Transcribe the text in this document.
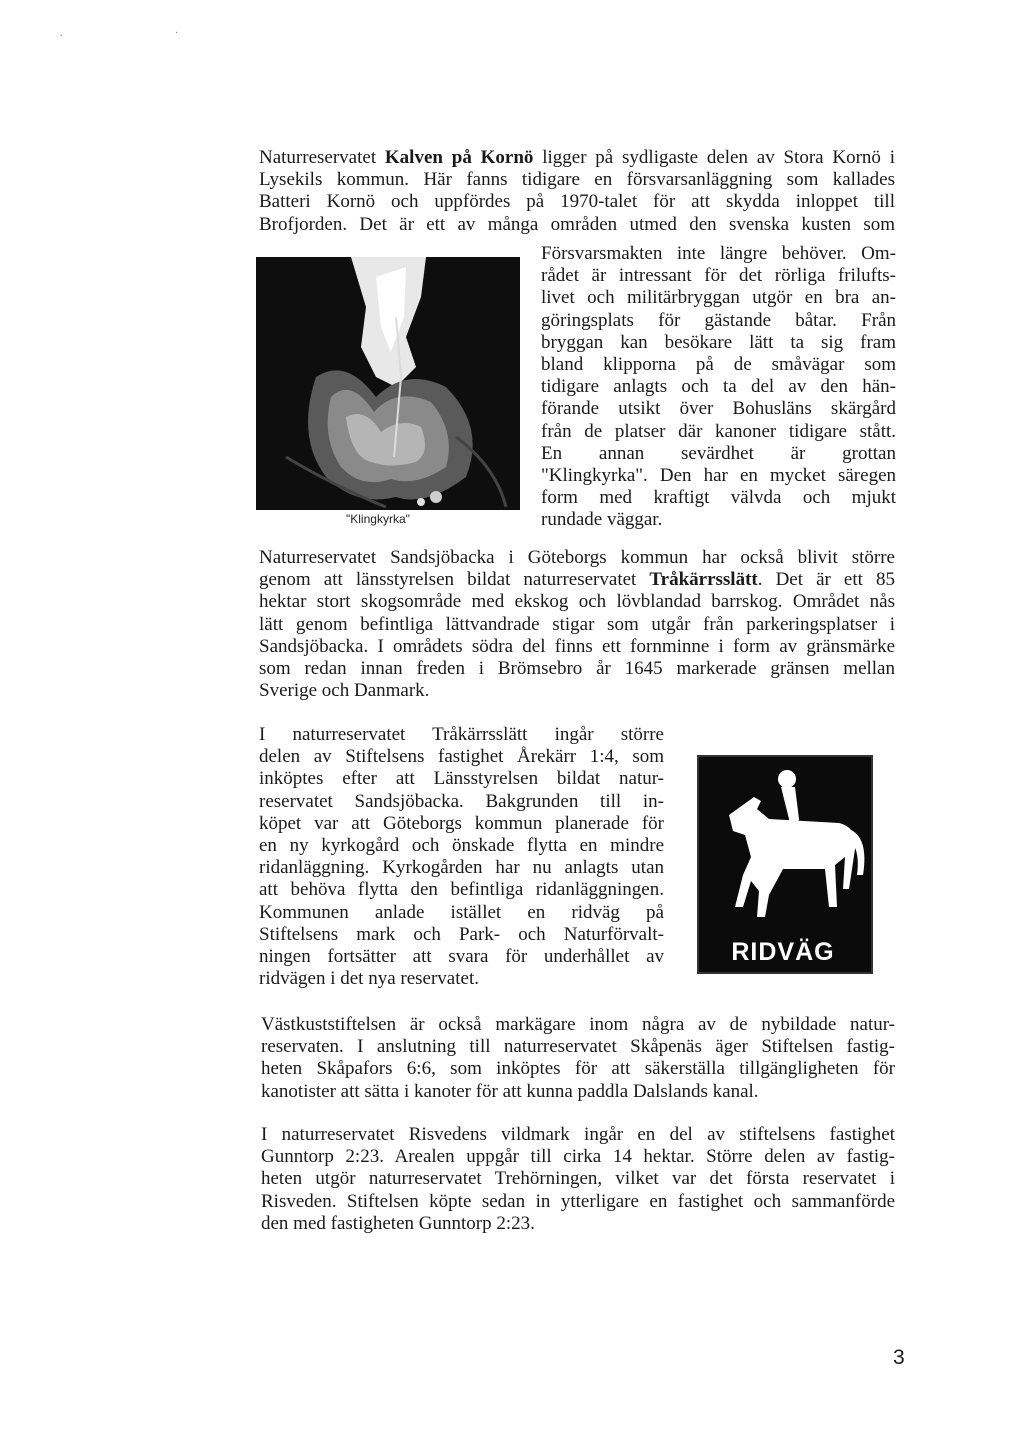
. ·
Naturreservatet Kalven på Kornö ligger på sydligaste delen av Stora Kornö i
Lysekils kommun. Här fanns tidigare en försvarsanläggning som kallades
Batteri Kornö och uppfördes på 1970-talet för att skydda inloppet till
Brofjorden. Det är ett av många områden utmed den svenska kusten som
"Klingkyrka"
Försvarsmakten inte längre behöver. Om-
rådet är intressant för det rörliga frilufts-
livet och militärbryggan utgör en bra an-
göringsplats för gästande båtar. Från
bryggan kan besökare lätt ta sig fram
bland klipporna på de småvägar som
tidigare anlagts och ta del av den hän-
förande utsikt över Bohusläns skärgård
från de platser där kanoner tidigare stått.
En annan sevärdhet är grottan
"Klingkyrka". Den har en mycket säregen
form med kraftigt välvda och mjukt
rundade väggar.
Naturreservatet Sandsjöbacka i Göteborgs kommun har också blivit större
genom att länsstyrelsen bildat naturreservatet Tråkärrsslätt. Det är ett 85
hektar stort skogsområde med ekskog och lövblandad barrskog. Området nås
lätt genom befintliga lättvandrade stigar som utgår från parkeringsplatser i
Sandsjöbacka. I områdets södra del finns ett fornminne i form av gränsmärke
som redan innan freden i Brömsebro år 1645 markerade gränsen mellan
Sverige och Danmark.
I naturreservatet Tråkärrsslätt ingår större
delen av Stiftelsens fastighet Årekärr 1:4, som
inköptes efter att Länsstyrelsen bildat natur-
reservatet Sandsjöbacka. Bakgrunden till in-
köpet var att Göteborgs kommun planerade för
en ny kyrkogård och önskade flytta en mindre
ridanläggning. Kyrkogården har nu anlagts utan
att behöva flytta den befintliga ridanläggningen.
Kommunen anlade istället en ridväg på
Stiftelsens mark och Park- och Naturförvalt-
ningen fortsätter att svara för underhållet av
ridvägen i det nya reservatet.
RIDVÄG
Västkuststiftelsen är också markägare inom några av de nybildade natur-
reservaten. I anslutning till naturreservatet Skåpenäs äger Stiftelsen fastig-
heten Skåpafors 6:6, som inköptes för att säkerställa tillgängligheten för
kanotister att sätta i kanoter för att kunna paddla Dalslands kanal.
I naturreservatet Risvedens vildmark ingår en del av stiftelsens fastighet
Gunntorp 2:23. Arealen uppgår till cirka 14 hektar. Större delen av fastig-
heten utgör naturreservatet Trehörningen, vilket var det första reservatet i
Risveden. Stiftelsen köpte sedan in ytterligare en fastighet och sammanförde
den med fastigheten Gunntorp 2:23.
3
